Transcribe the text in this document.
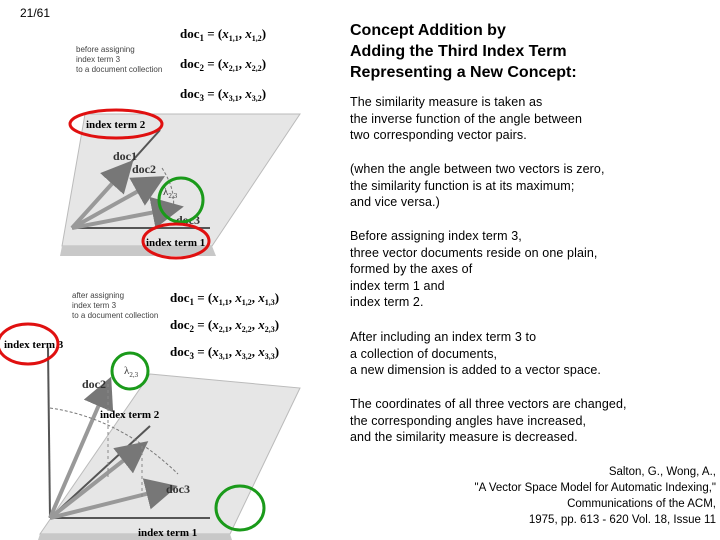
21/61
Concept Addition by
Adding the Third Index Term
Representing a New Concept:
The similarity measure is taken as
the inverse function of the angle between
two corresponding vector pairs.
(when the angle between two vectors is zero,
the similarity function is at its maximum;
and vice versa.)
Before assigning index term 3,
three vector documents reside on one plain,
formed by the axes of
index term 1 and
index term 2.
After including an index term 3 to
a collection of documents,
a new dimension is added to a vector space.
The coordinates of all three vectors are changed,
the corresponding angles have increased,
and the similarity measure is decreased.
Salton, G., Wong, A.,
"A Vector Space Model for Automatic Indexing,"
Communications of the ACM,
1975, pp. 613 - 620 Vol. 18, Issue 11
$doc_1 = (x_{1,1}$, $x_{1,2}$)
$doc_2 = (x_{2,1}$, $x_{2,2}$)
$doc_3 = (x_{3,1}$, $x_{3,2}$)
before assigning index term 3 to a document collection
doc1
doc2
doc3
$\lambda_{2,3}$
index term 2
index term 1
$doc_1 = (x_{1,1}$, $x_{1,2}$, $x_{1,3}$)
$doc_2 = (x_{2,1}$, $x_{2,2}$, $x_{2,3}$)
$doc_3 = (x_{3,1}$, $x_{3,2}$, $x_{3,3}$)
after assigning index term 3 to a document collection
doc2
doc3
$\lambda_{2,3}$
index term 3
index term 2
index term 1
